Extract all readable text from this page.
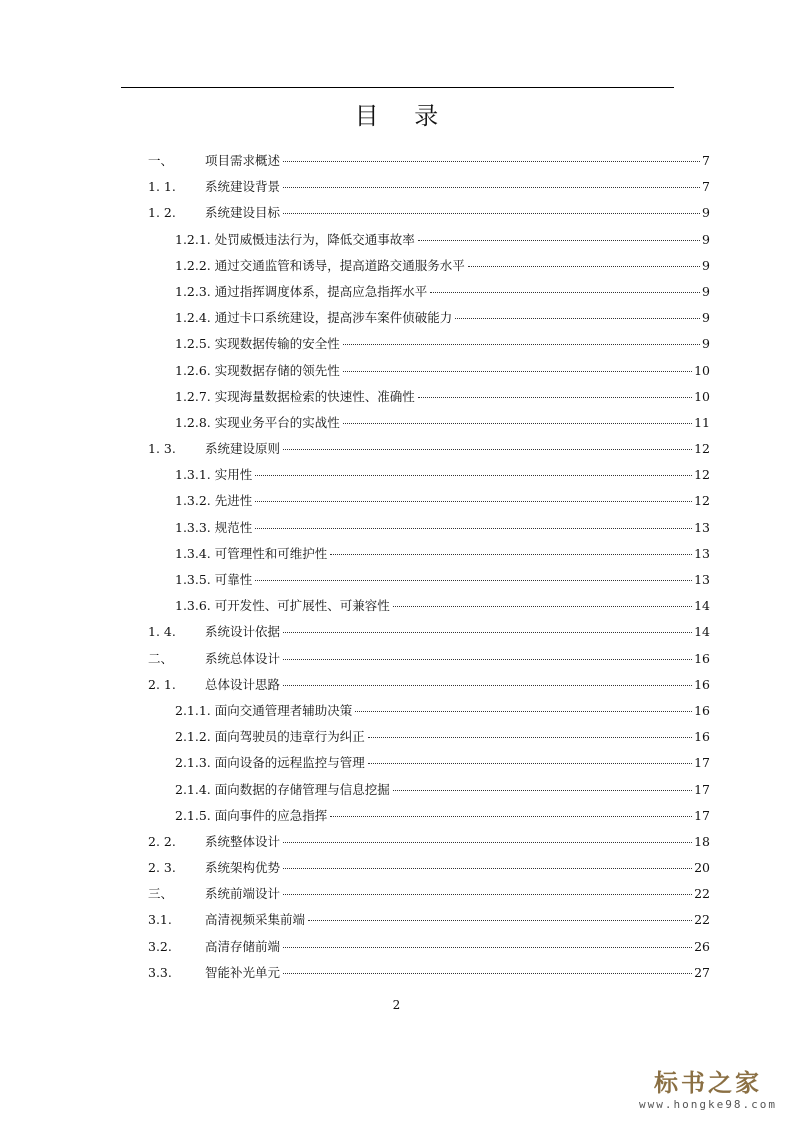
目 录
一、	项目需求概述	7
1. 1.	系统建设背景	7
1. 2.	系统建设目标	9
1.2.1. 处罚威慑违法行为，降低交通事故率	9
1.2.2. 通过交通监管和诱导，提高道路交通服务水平	9
1.2.3. 通过指挥调度体系，提高应急指挥水平	9
1.2.4. 通过卡口系统建设，提高涉车案件侦破能力	9
1.2.5. 实现数据传输的安全性	9
1.2.6. 实现数据存储的领先性	10
1.2.7. 实现海量数据检索的快速性、准确性	10
1.2.8. 实现业务平台的实战性	11
1. 3.	系统建设原则	12
1.3.1. 实用性	12
1.3.2. 先进性	12
1.3.3. 规范性	13
1.3.4. 可管理性和可维护性	13
1.3.5. 可靠性	13
1.3.6. 可开发性、可扩展性、可兼容性	14
1. 4.	系统设计依据	14
二、	系统总体设计	16
2. 1.	总体设计思路	16
2.1.1. 面向交通管理者辅助决策	16
2.1.2. 面向驾驶员的违章行为纠正	16
2.1.3. 面向设备的远程监控与管理	17
2.1.4. 面向数据的存储管理与信息挖掘	17
2.1.5. 面向事件的应急指挥	17
2. 2.	系统整体设计	18
2. 3.	系统架构优势	20
三、	系统前端设计	22
3.1.	高清视频采集前端	22
3.2.	高清存储前端	26
3.3.	智能补光单元	27
2
标书之家
www.hongke98.com
